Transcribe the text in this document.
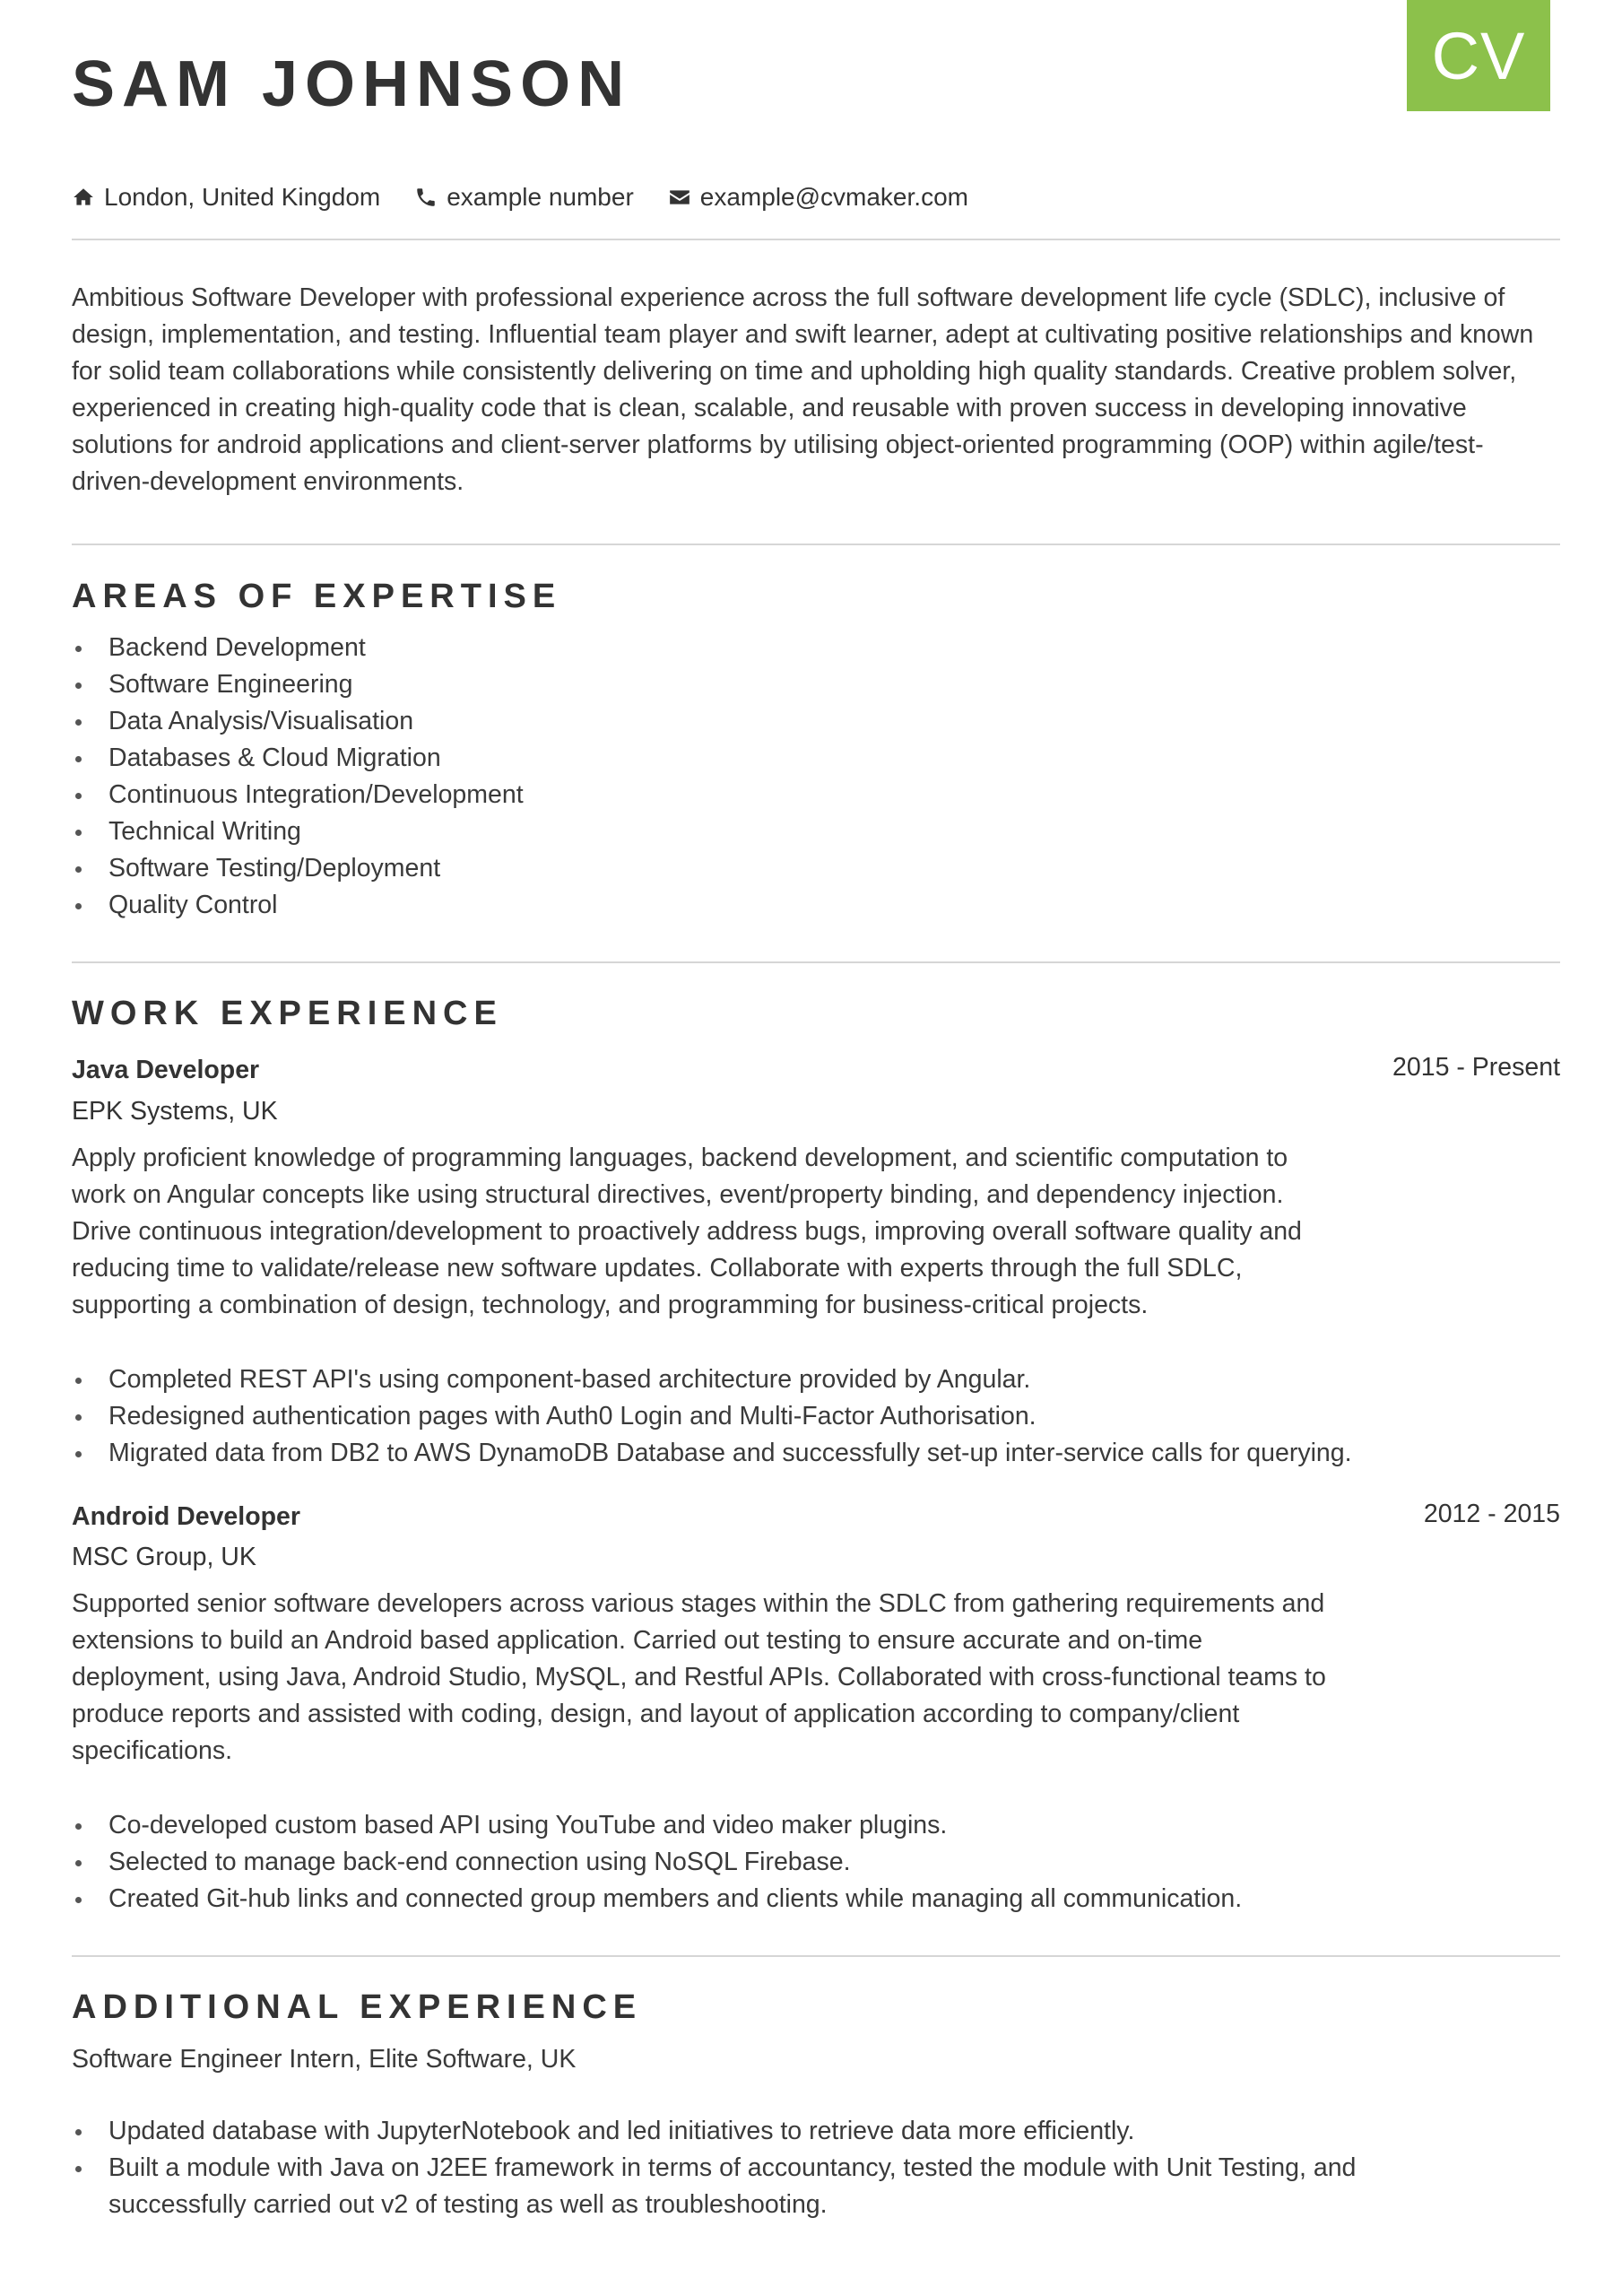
CV
SAM JOHNSON
London, United Kingdom	example number	example@cvmaker.com

Ambitious Software Developer with professional experience across the full software development life cycle (SDLC), inclusive of design, implementation, and testing. Influential team player and swift learner, adept at cultivating positive relationships and known for solid team collaborations while consistently delivering on time and upholding high quality standards. Creative problem solver, experienced in creating high-quality code that is clean, scalable, and reusable with proven success in developing innovative solutions for android applications and client-server platforms by utilising object-oriented programming (OOP) within agile/test-driven-development environments.

AREAS OF EXPERTISE
Backend Development
Software Engineering
Data Analysis/Visualisation
Databases & Cloud Migration
Continuous Integration/Development
Technical Writing
Software Testing/Deployment
Quality Control
WORK EXPERIENCE
Java Developer	2015 - Present
EPK Systems, UK

Apply proficient knowledge of programming languages, backend development, and scientific computation to work on Angular concepts like using structural directives, event/property binding, and dependency injection. Drive continuous integration/development to proactively address bugs, improving overall software quality and reducing time to validate/release new software updates. Collaborate with experts through the full SDLC, supporting a combination of design, technology, and programming for business-critical projects.

Completed REST API's using component-based architecture provided by Angular.
Redesigned authentication pages with Auth0 Login and Multi-Factor Authorisation.
Migrated data from DB2 to AWS DynamoDB Database and successfully set-up inter-service calls for querying.
Android Developer	2012 - 2015
MSC Group, UK

Supported senior software developers across various stages within the SDLC from gathering requirements and extensions to build an Android based application. Carried out testing to ensure accurate and on-time deployment, using Java, Android Studio, MySQL, and Restful APIs. Collaborated with cross-functional teams to produce reports and assisted with coding, design, and layout of application according to company/client specifications.

Co-developed custom based API using YouTube and video maker plugins.
Selected to manage back-end connection using NoSQL Firebase.
Created Git-hub links and connected group members and clients while managing all communication.
ADDITIONAL EXPERIENCE
Software Engineer Intern, Elite Software, UK
Updated database with JupyterNotebook and led initiatives to retrieve data more efficiently.
Built a module with Java on J2EE framework in terms of accountancy, tested the module with Unit Testing, and successfully carried out v2 of testing as well as troubleshooting.
